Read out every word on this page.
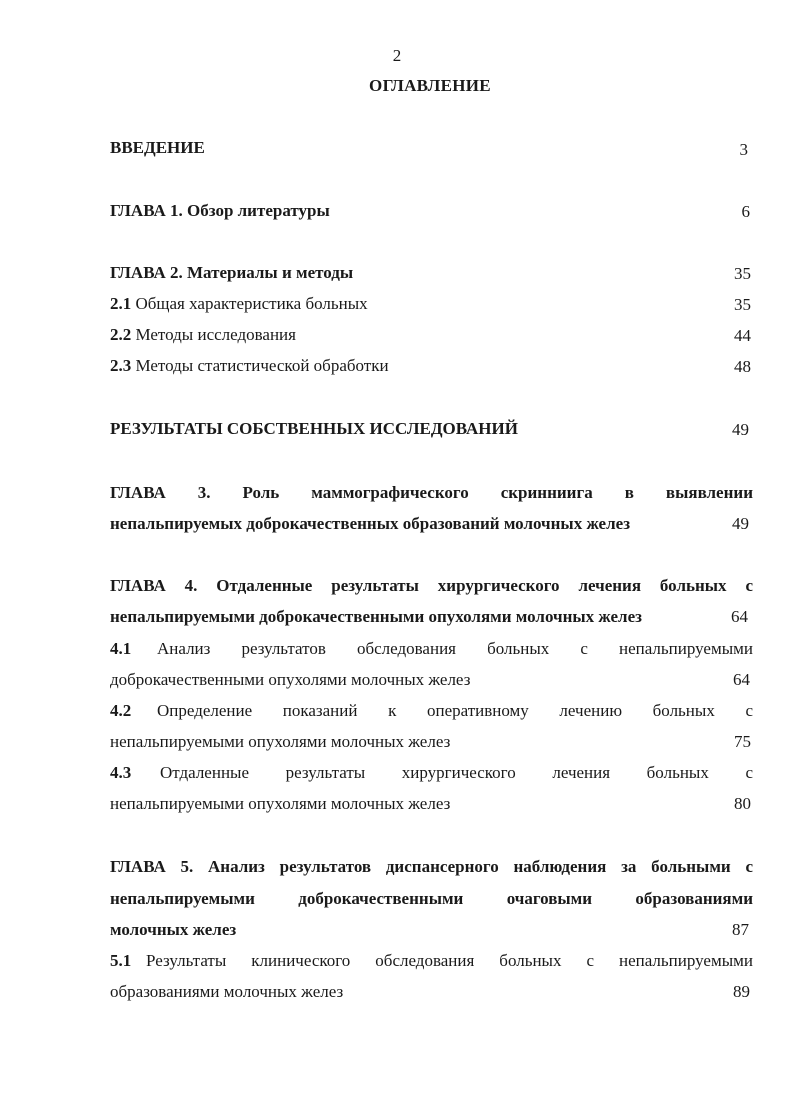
2
ОГЛАВЛЕНИЕ
ВВЕДЕНИЕ	3
ГЛАВА 1. Обзор литературы	6
ГЛАВА 2. Материалы и методы	35
2.1 Общая характеристика больных	35
2.2 Методы исследования	44
2.3 Методы статистической обработки	48
РЕЗУЛЬТАТЫ СОБСТВЕННЫХ ИССЛЕДОВАНИЙ	49
ГЛАВА 3. Роль маммографического скринниига в выявлении
непальпируемых доброкачественных образований молочных желез	49
ГЛАВА 4. Отдаленные результаты хирургического лечения больных с
непальпируемыми доброкачественными опухолями молочных желез	64
4.1 Анализ результатов обследования больных с непальпируемыми
доброкачественными опухолями молочных желез	64
4.2 Определение показаний к оперативному лечению больных с
непальпируемыми опухолями молочных желез	75
4.3 Отдаленные результаты хирургического лечения больных с
непальпируемыми опухолями молочных желез	80
ГЛАВА 5. Анализ результатов диспансерного наблюдения за больными с
непальпируемыми доброкачественными очаговыми образованиями
молочных желез	87
5.1 Результаты клинического обследования больных с непальпируемыми
образованиями молочных желез	89
